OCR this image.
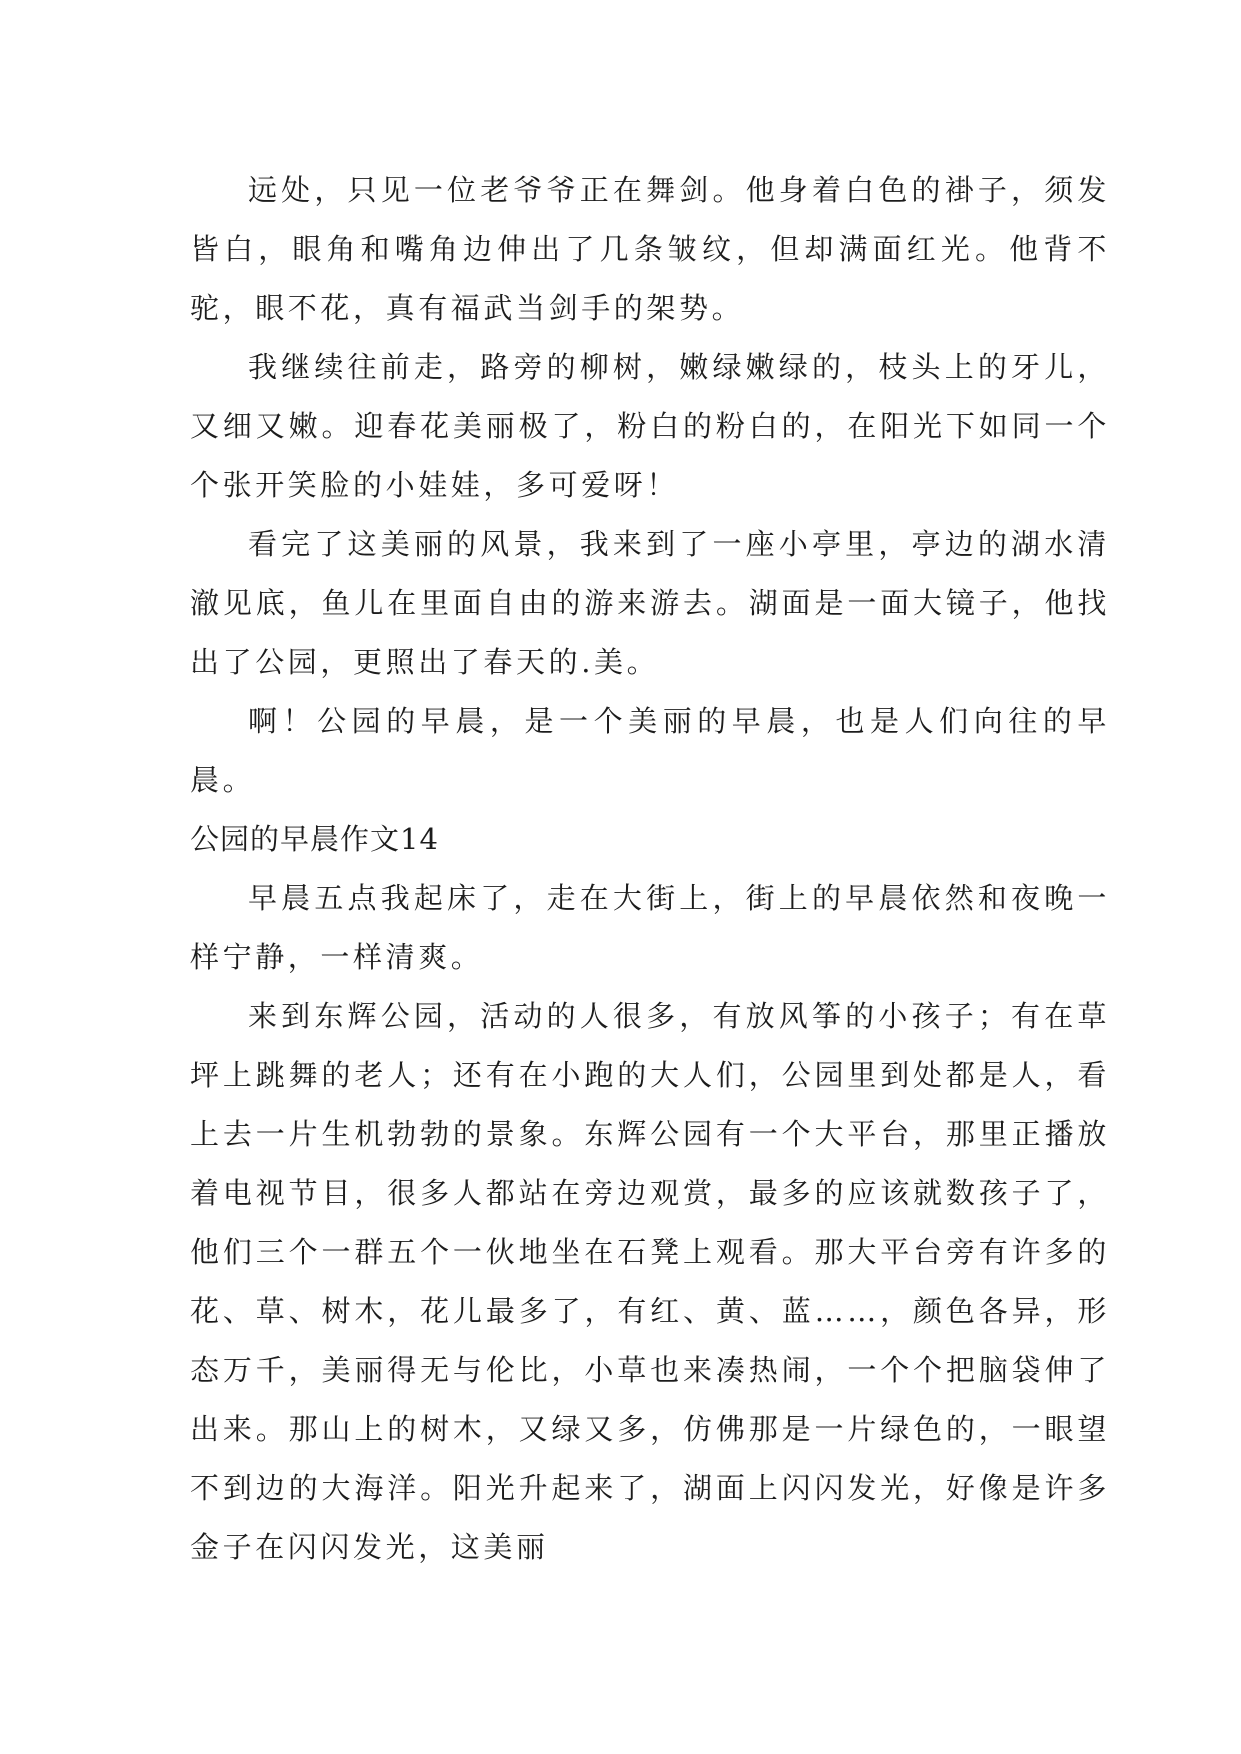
远处，只见一位老爷爷正在舞剑。他身着白色的褂子，须发皆白，眼角和嘴角边伸出了几条皱纹，但却满面红光。他背不驼，眼不花，真有福武当剑手的架势。

我继续往前走，路旁的柳树，嫩绿嫩绿的，枝头上的牙儿，又细又嫩。迎春花美丽极了，粉白的粉白的，在阳光下如同一个个张开笑脸的小娃娃，多可爱呀！

看完了这美丽的风景，我来到了一座小亭里，亭边的湖水清澈见底，鱼儿在里面自由的游来游去。湖面是一面大镜子，他找出了公园，更照出了春天的.美。

啊！公园的早晨，是一个美丽的早晨，也是人们向往的早晨。

公园的早晨作文14

早晨五点我起床了，走在大街上，街上的早晨依然和夜晚一样宁静，一样清爽。

来到东辉公园，活动的人很多，有放风筝的小孩子；有在草坪上跳舞的老人；还有在小跑的大人们，公园里到处都是人，看上去一片生机勃勃的景象。东辉公园有一个大平台，那里正播放着电视节目，很多人都站在旁边观赏，最多的应该就数孩子了，他们三个一群五个一伙地坐在石凳上观看。那大平台旁有许多的花、草、树木，花儿最多了，有红、黄、蓝……，颜色各异，形态万千，美丽得无与伦比，小草也来凑热闹，一个个把脑袋伸了出来。那山上的树木，又绿又多，仿佛那是一片绿色的，一眼望不到边的大海洋。阳光升起来了，湖面上闪闪发光，好像是许多金子在闪闪发光，这美丽
